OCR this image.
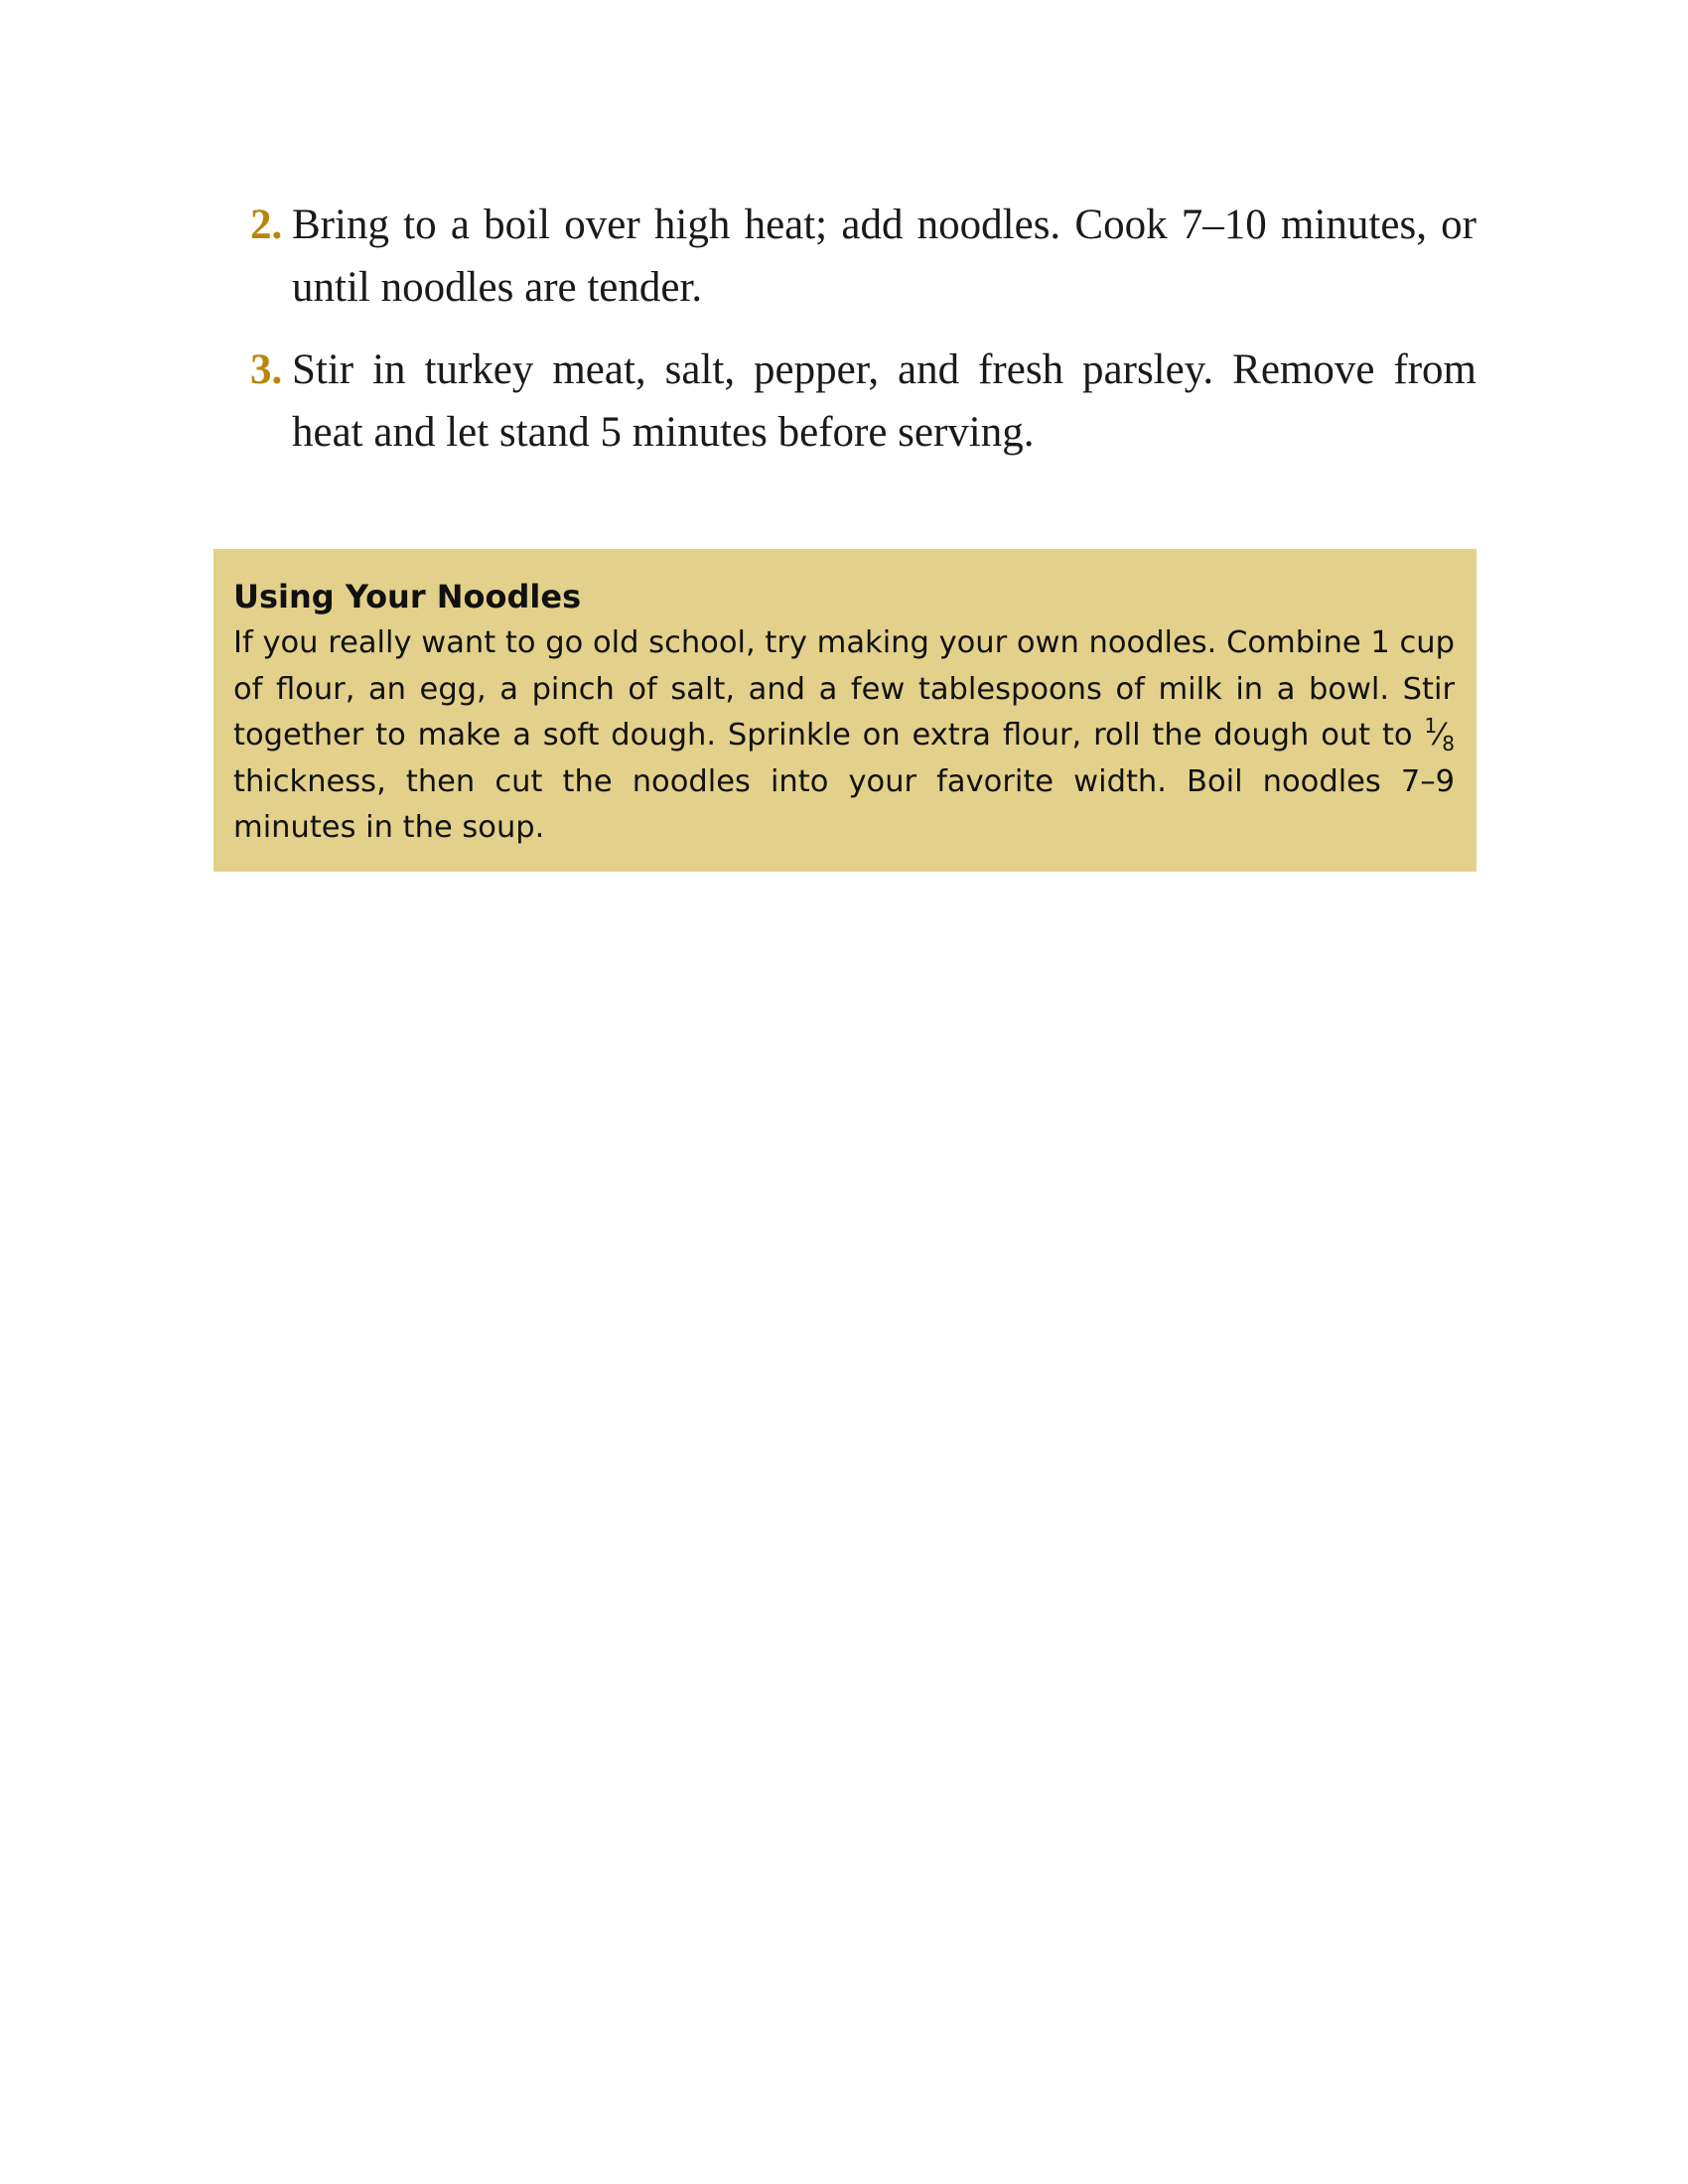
2. Bring to a boil over high heat; add noodles. Cook 7–10 minutes, or until noodles are tender.
3. Stir in turkey meat, salt, pepper, and fresh parsley. Remove from heat and let stand 5 minutes before serving.

Using Your Noodles

If you really want to go old school, try making your own noodles. Combine 1 cup of flour, an egg, a pinch of salt, and a few tablespoons of milk in a bowl. Stir together to make a soft dough. Sprinkle on extra flour, roll the dough out to $^1⁄_8$ thickness, then cut the noodles into your favorite width. Boil noodles 7–9 minutes in the soup.
